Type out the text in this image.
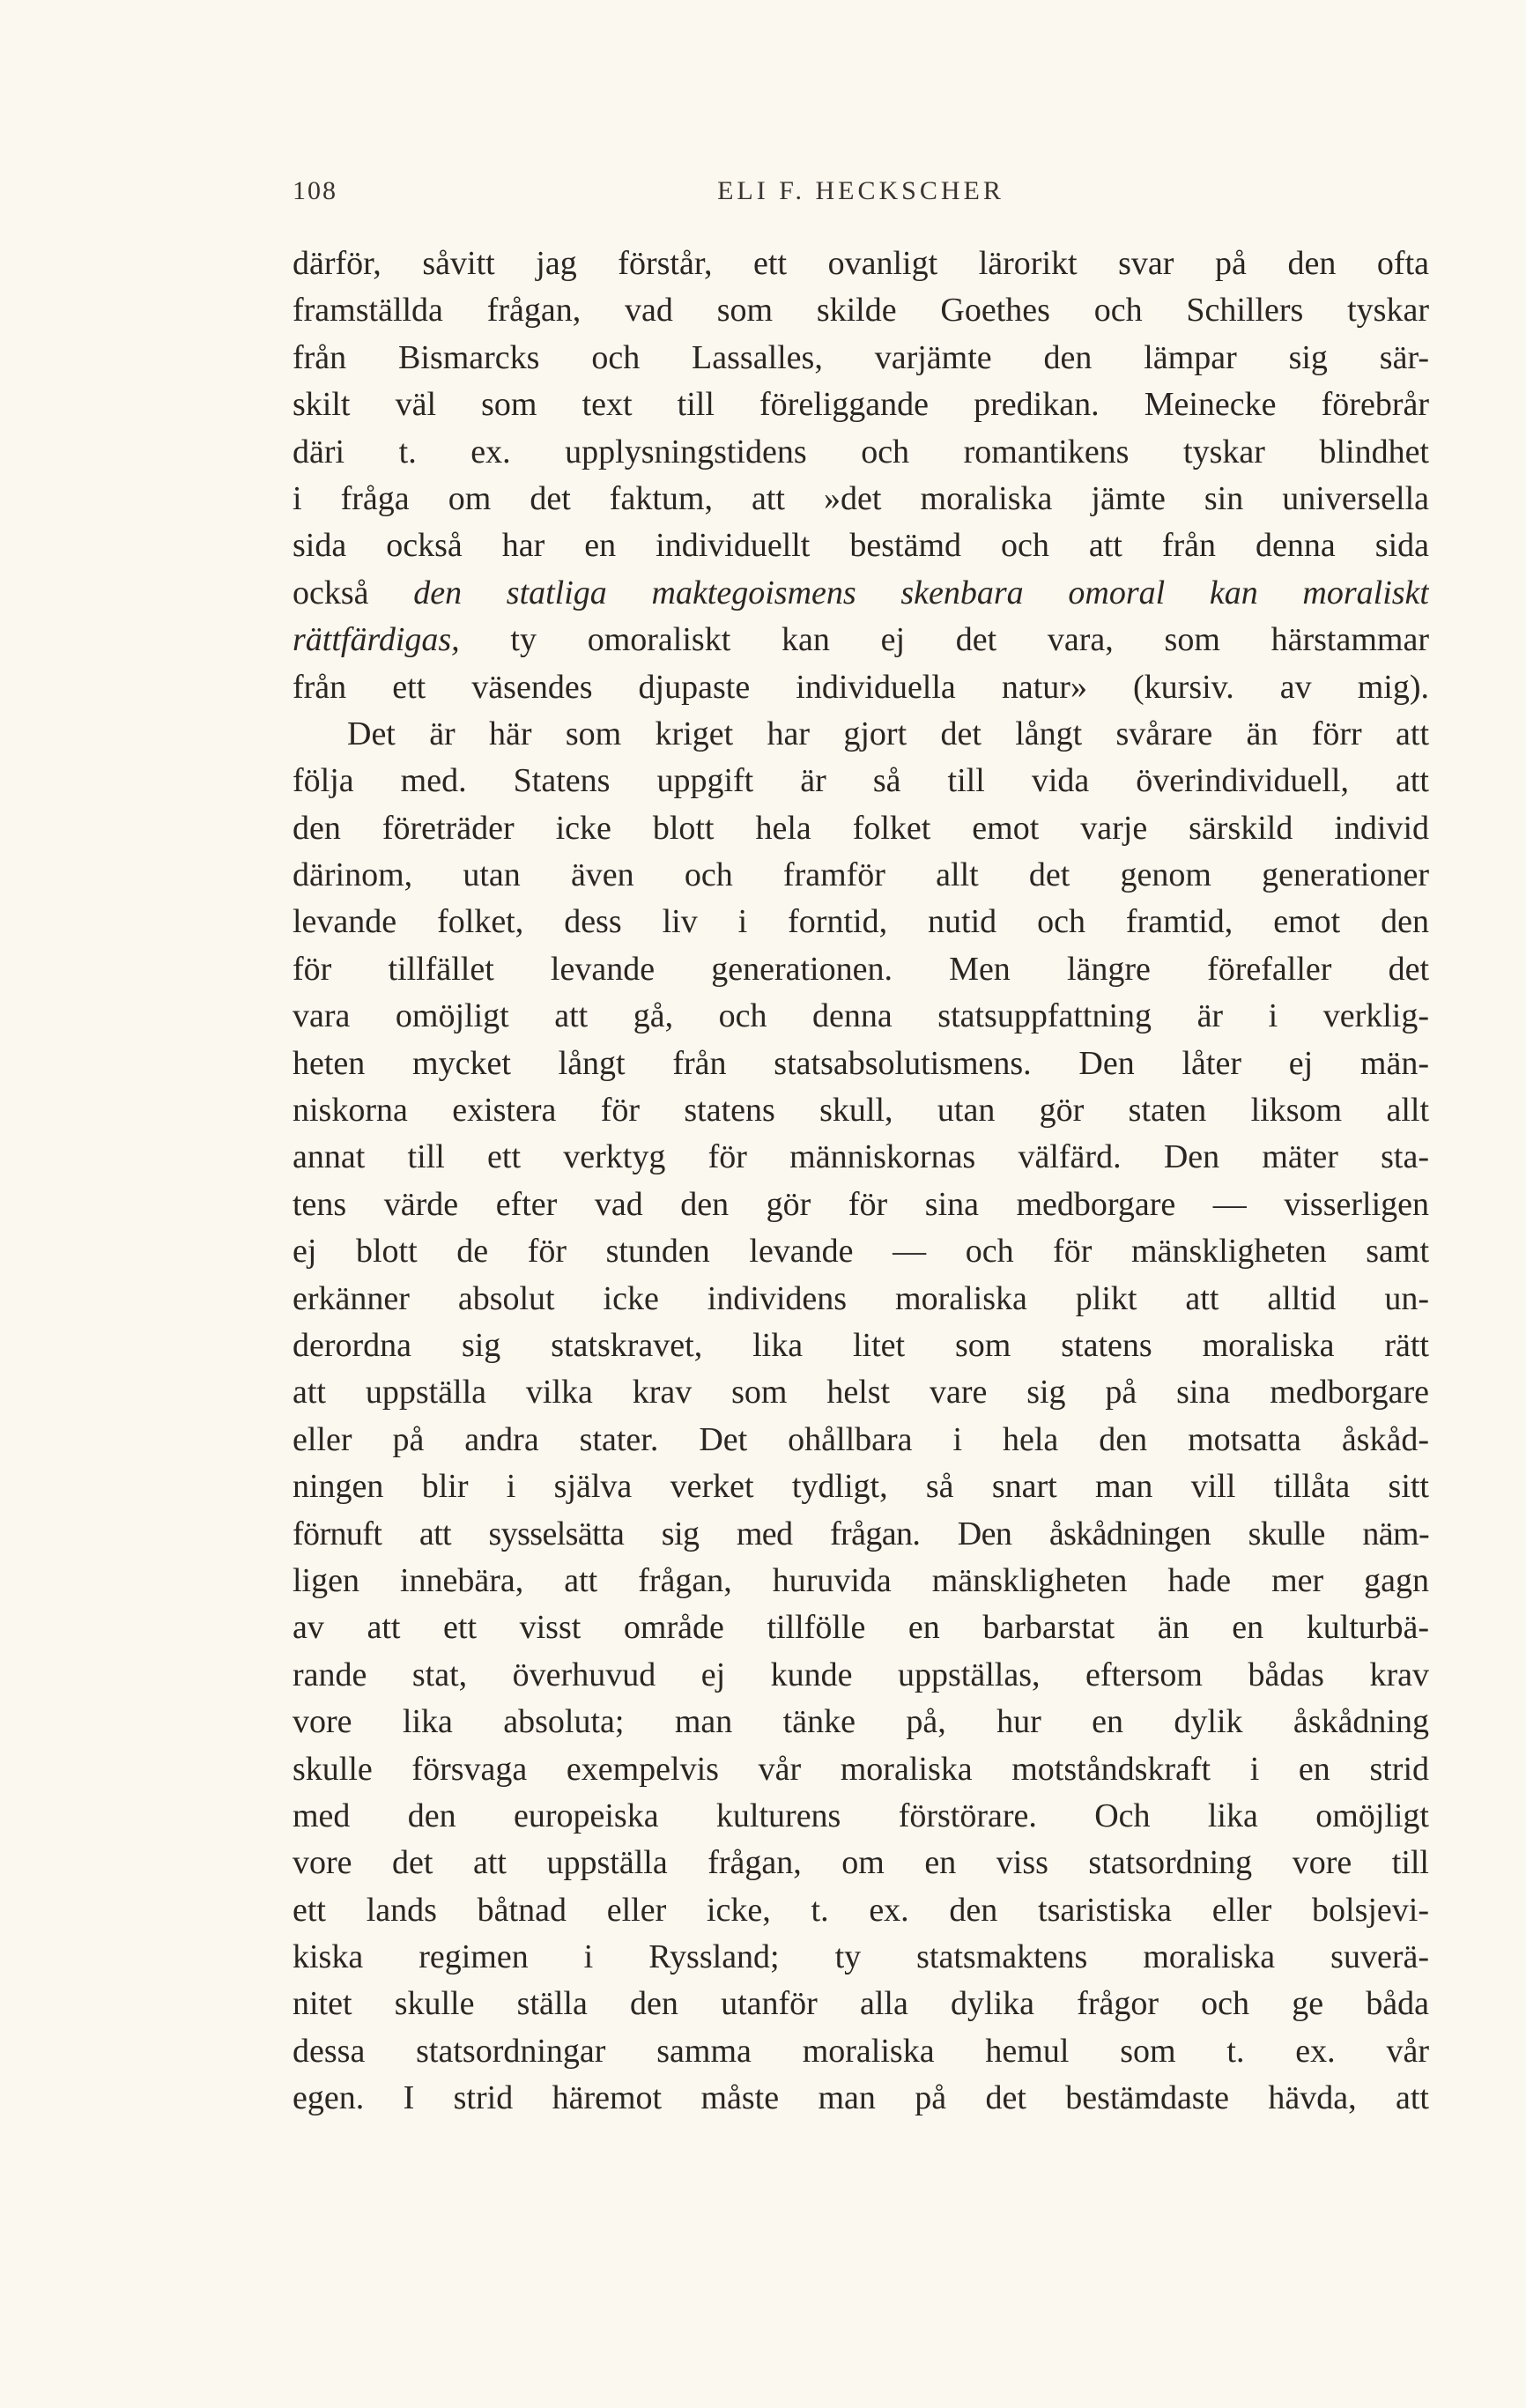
108	ELI F. HECKSCHER
därför, såvitt jag förstår, ett ovanligt lärorikt svar på den ofta
framställda frågan, vad som skilde Goethes och Schillers tyskar
från Bismarcks och Lassalles, varjämte den lämpar sig sär-
skilt väl som text till föreliggande predikan. Meinecke förebrår
däri t. ex. upplysningstidens och romantikens tyskar blindhet
i fråga om det faktum, att »det moraliska jämte sin universella
sida också har en individuellt bestämd och att från denna sida
också den statliga maktegoismens skenbara omoral kan moraliskt
rättfärdigas, ty omoraliskt kan ej det vara, som härstammar
från ett väsendes djupaste individuella natur» (kursiv. av mig).
Det är här som kriget har gjort det långt svårare än förr att
följa med. Statens uppgift är så till vida överindividuell, att
den företräder icke blott hela folket emot varje särskild individ
därinom, utan även och framför allt det genom generationer
levande folket, dess liv i forntid, nutid och framtid, emot den
för tillfället levande generationen. Men längre förefaller det
vara omöjligt att gå, och denna statsuppfattning är i verklig-
heten mycket långt från statsabsolutismens. Den låter ej män-
niskorna existera för statens skull, utan gör staten liksom allt
annat till ett verktyg för människornas välfärd. Den mäter sta-
tens värde efter vad den gör för sina medborgare — visserligen
ej blott de för stunden levande — och för mänskligheten samt
erkänner absolut icke individens moraliska plikt att alltid un-
derordna sig statskravet, lika litet som statens moraliska rätt
att uppställa vilka krav som helst vare sig på sina medborgare
eller på andra stater. Det ohållbara i hela den motsatta åskåd-
ningen blir i själva verket tydligt, så snart man vill tillåta sitt
förnuft att sysselsätta sig med frågan. Den åskådningen skulle näm-
ligen innebära, att frågan, huruvida mänskligheten hade mer gagn
av att ett visst område tillfölle en barbarstat än en kulturbä-
rande stat, överhuvud ej kunde uppställas, eftersom bådas krav
vore lika absoluta; man tänke på, hur en dylik åskådning
skulle försvaga exempelvis vår moraliska motståndskraft i en strid
med den europeiska kulturens förstörare. Och lika omöjligt
vore det att uppställa frågan, om en viss statsordning vore till
ett lands båtnad eller icke, t. ex. den tsaristiska eller bolsjevi-
kiska regimen i Ryssland; ty statsmaktens moraliska suverä-
nitet skulle ställa den utanför alla dylika frågor och ge båda
dessa statsordningar samma moraliska hemul som t. ex. vår
egen. I strid häremot måste man på det bestämdaste hävda, att
